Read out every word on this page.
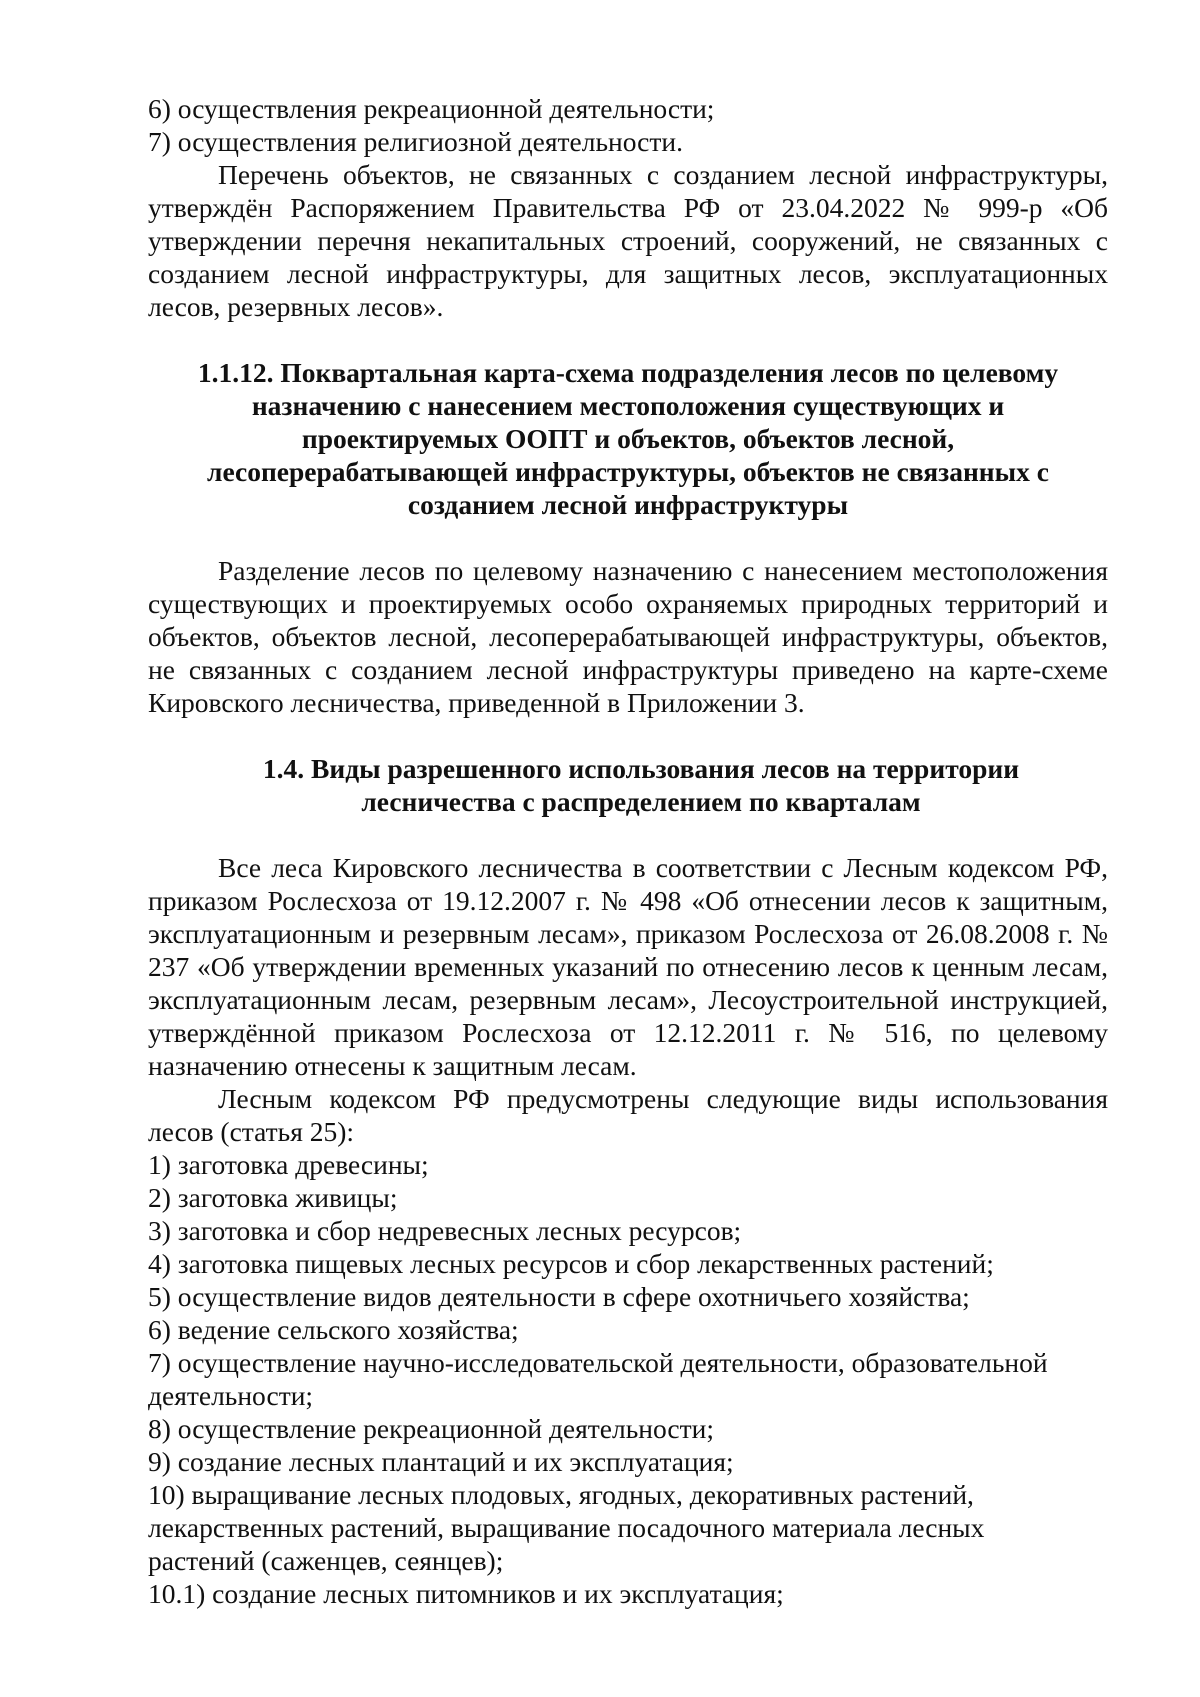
6) осуществления рекреационной деятельности;
7) осуществления религиозной деятельности.
Перечень объектов, не связанных с созданием лесной инфраструктуры, утверждён Распоряжением Правительства РФ от 23.04.2022 № 999-р «Об утверждении перечня некапитальных строений, сооружений, не связанных с созданием лесной инфраструктуры, для защитных лесов, эксплуатационных лесов, резервных лесов».
1.1.12. Поквартальная карта-схема подразделения лесов по целевому
назначению с нанесением местоположения существующих и
проектируемых ООПТ и объектов, объектов лесной,
лесоперерабатывающей инфраструктуры, объектов не связанных с
созданием лесной инфраструктуры
Разделение лесов по целевому назначению с нанесением местоположения существующих и проектируемых особо охраняемых природных территорий и объектов, объектов лесной, лесоперерабатывающей инфраструктуры, объектов, не связанных с созданием лесной инфраструктуры приведено на карте-схеме Кировского лесничества, приведенной в Приложении 3.
1.4. Виды разрешенного использования лесов на территории
лесничества с распределением по кварталам
Все леса Кировского лесничества в соответствии с Лесным кодексом РФ, приказом Рослесхоза от 19.12.2007 г. № 498 «Об отнесении лесов к защитным, эксплуатационным и резервным лесам», приказом Рослесхоза от 26.08.2008 г. № 237 «Об утверждении временных указаний по отнесению лесов к ценным лесам, эксплуатационным лесам, резервным лесам», Лесоустроительной инструкцией, утверждённой приказом Рослесхоза от 12.12.2011 г. № 516, по целевому назначению отнесены к защитным лесам.
Лесным кодексом РФ предусмотрены следующие виды использования лесов (статья 25):
1) заготовка древесины;
2) заготовка живицы;
3) заготовка и сбор недревесных лесных ресурсов;
4) заготовка пищевых лесных ресурсов и сбор лекарственных растений;
5) осуществление видов деятельности в сфере охотничьего хозяйства;
6) ведение сельского хозяйства;
7) осуществление научно-исследовательской деятельности, образовательной деятельности;
8) осуществление рекреационной деятельности;
9) создание лесных плантаций и их эксплуатация;
10) выращивание лесных плодовых, ягодных, декоративных растений, лекарственных растений, выращивание посадочного материала лесных растений (саженцев, сеянцев);
10.1) создание лесных питомников и их эксплуатация;
